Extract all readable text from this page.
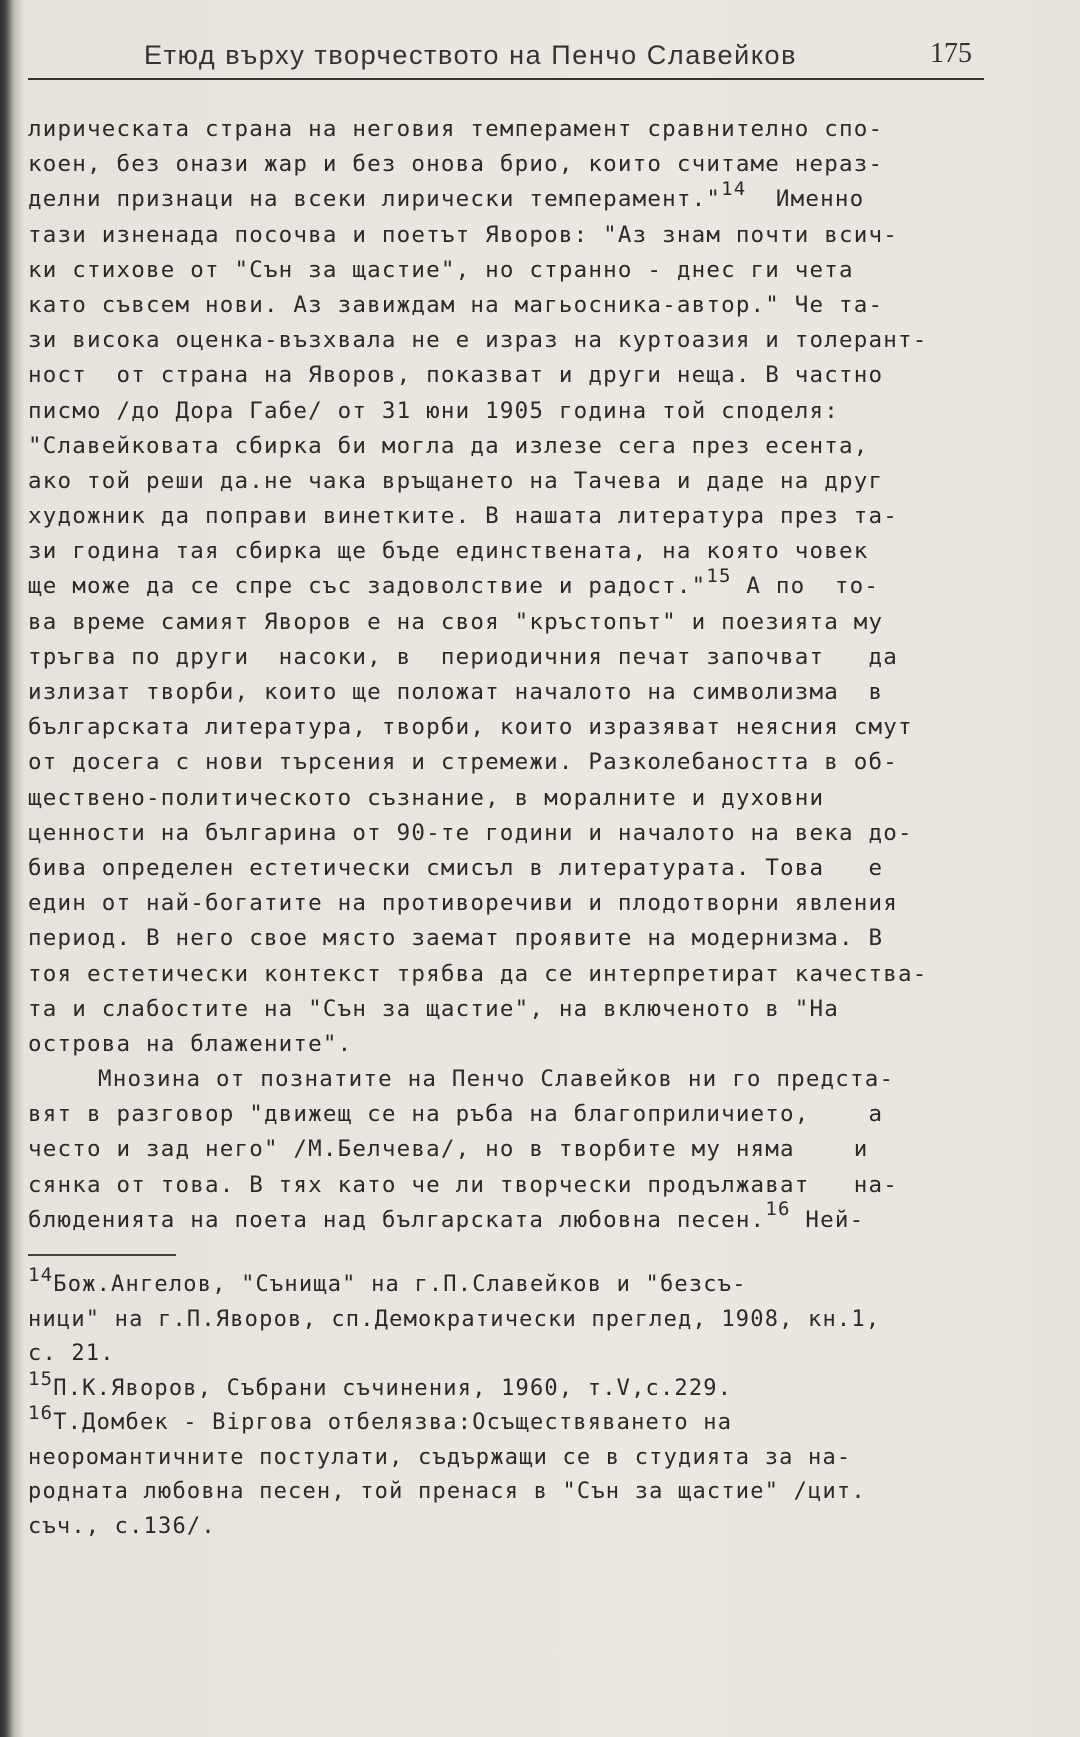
Етюд върху творчеството на Пенчо Славейков	175
лирическата страна на неговия темперамент сравнително спо-
коен, без онази жар и без онова брио, които считаме нераз-
делни признаци на всеки лирически темперамент."$^{14}$ Именно
тази изненада посочва и поетът Яворов: "Аз знам почти всич-
ки стихове от "Сън за щастие", но странно - днес ги чета
като съвсем нови. Аз завиждам на магьосника-автор." Че та-
зи висока оценка-възхвала не е израз на куртоазия и толерант-
ност  от страна на Яворов, показват и други неща. В частно
писмо /до Дора Габе/ от 31 юни 1905 година той споделя:
"Славейковата сбирка би могла да излезе сега през есента,
ако той реши да.не чака връщането на Тачева и даде на друг
художник да поправи винетките. В нашата литература през та-
зи година тая сбирка ще бъде единствената, на която човек
ще може да се спре със задоволствие и радост."$^{15}$ А по  то-
ва време самият Яворов е на своя "кръстопът" и поезията му
тръгва по други  насоки, в  периодичния печат започват   да
излизат творби, които ще положат началото на символизма  в
българската литература, творби, които изразяват неясния смут
от досега с нови търсения и стремежи. Разколебаността в об-
ществено-политическото съзнание, в моралните и духовни
ценности на българина от 90-те години и началото на века до-
бива определен естетически смисъл в литературата. Това   е
един от най-богатите на противоречиви и плодотворни явления
период. В него свое място заемат проявите на модернизма. В
тоя естетически контекст трябва да се интерпретират качества-
та и слабостите на "Сън за щастие", на включеното в "На
острова на блажените".
Мнозина от познатите на Пенчо Славейков ни го предста-
вят в разговор "движещ се на ръба на благоприличието,    а
често и зад него" /М.Белчева/, но в творбите му няма    и
сянка от това. В тях като че ли творчески продължават   на-
блюденията на поета над българската любовна песен.$^{16}$ Ней-
14Бож.Ангелов, "Сънища" на г.П.Славейков и "безсъ-
ници" на г.П.Яворов, сп.Демократически преглед, 1908, кн.1,
с. 21.
15П.К.Яворов, Събрани съчинения, 1960, т.V,с.229.
16Т.Домбек - Віргова отбелязва:Осъществяването на
неоромантичните постулати, съдържащи се в студията за на-
родната любовна песен, той пренася в "Сън за щастие" /цит.
съч., с.136/.
